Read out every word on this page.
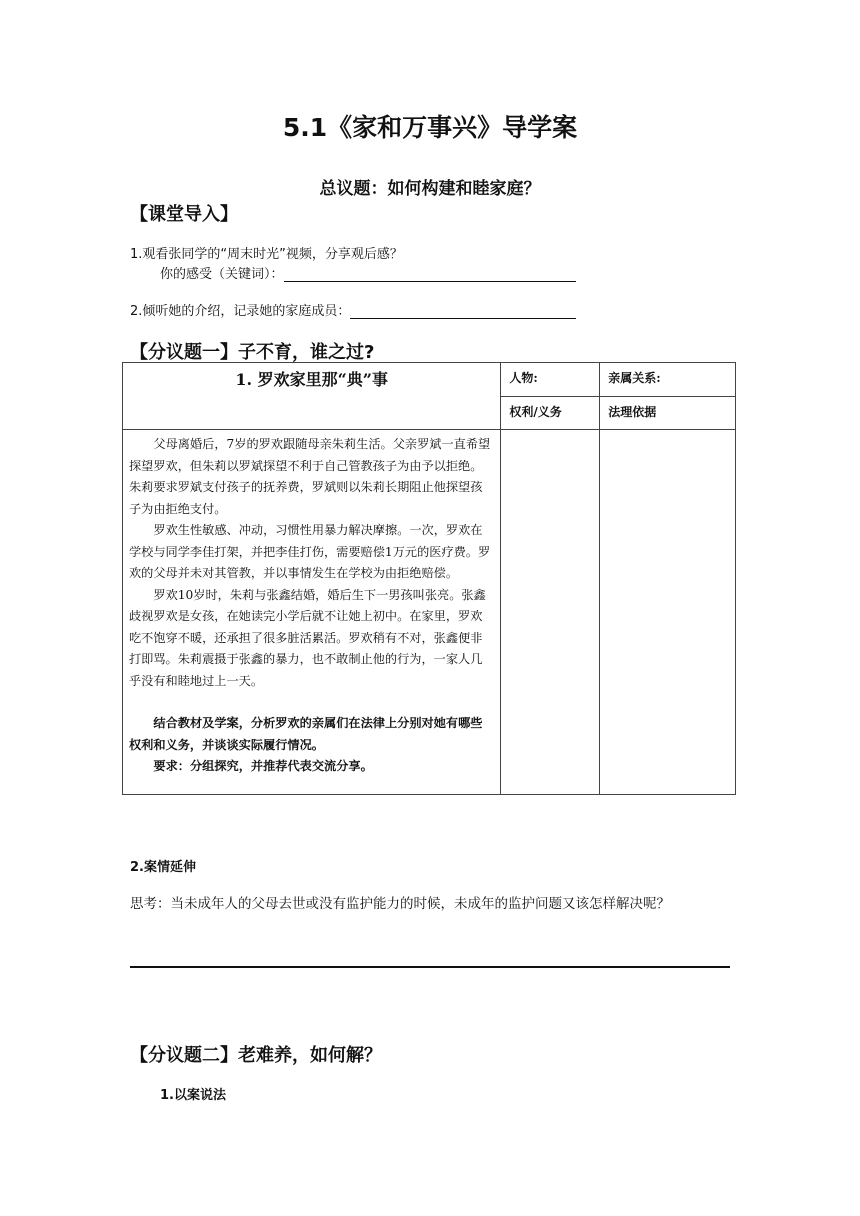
5.1《家和万事兴》导学案
总议题：如何构建和睦家庭？
【课堂导入】
1.观看张同学的“周末时光”视频，分享观后感？
你的感受（关键词）：
2.倾听她的介绍，记录她的家庭成员：
【分议题一】子不育，谁之过?
1. 罗欢家里那“典”事	人物:	亲属关系:

	权利/义务	法理依据

父母离婚后，7岁的罗欢跟随母亲朱莉生活。父亲罗斌一直希望探望罗欢，但朱莉以罗斌探望不利于自己管教孩子为由予以拒绝。朱莉要求罗斌支付孩子的抚养费，罗斌则以朱莉长期阻止他探望孩子为由拒绝支付。

罗欢生性敏感、冲动，习惯性用暴力解决摩擦。一次，罗欢在学校与同学李佳打架，并把李佳打伤，需要赔偿1万元的医疗费。罗欢的父母并未对其管教，并以事情发生在学校为由拒绝赔偿。

罗欢10岁时，朱莉与张鑫结婚，婚后生下一男孩叫张亮。张鑫歧视罗欢是女孩，在她读完小学后就不让她上初中。在家里，罗欢吃不饱穿不暖，还承担了很多脏活累活。罗欢稍有不对，张鑫便非打即骂。朱莉震摄于张鑫的暴力，也不敢制止他的行为，一家人几乎没有和睦地过上一天。

结合教材及学案，分析罗欢的亲属们在法律上分别对她有哪些权利和义务，并谈谈实际履行情况。

要求：分组探究，并推荐代表交流分享。		

2.案情延伸
思考：当未成年人的父母去世或没有监护能力的时候，未成年的监护问题又该怎样解决呢？
【分议题二】老难养，如何解？
1.以案说法
